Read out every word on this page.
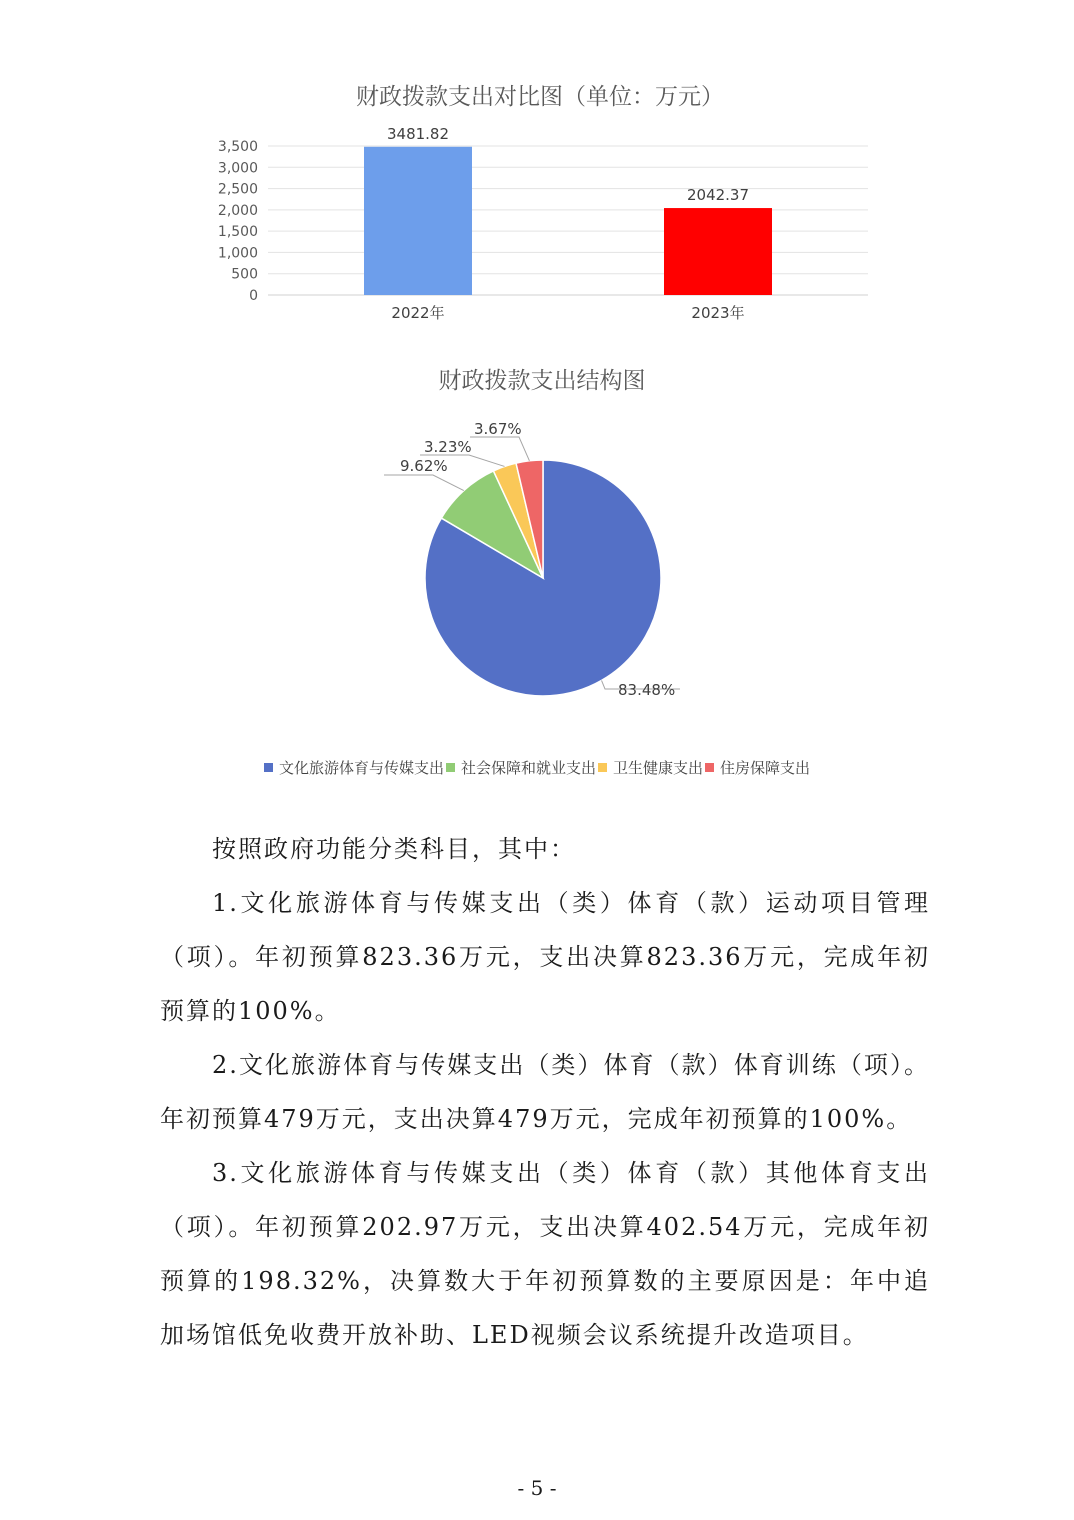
财政拨款支出对比图（单位：万元）
0
500
1,000
1,500
2,000
2,500
3,000
3,500
3481.82
2022年
2042.37
2023年
财政拨款支出结构图
83.48%
9.62%
3.23%
3.67%
文化旅游体育与传媒支出 社会保障和就业支出 卫生健康支出 住房保障支出

按照政府功能分类科目，其中：

1.文化旅游体育与传媒支出（类）体育（款）运动项目管理（项）。年初预算823.36万元，支出决算823.36万元，完成年初预算的100%。

2.文化旅游体育与传媒支出（类）体育（款）体育训练（项）。年初预算479万元，支出决算479万元，完成年初预算的100%。

3.文化旅游体育与传媒支出（类）体育（款）其他体育支出（项）。年初预算202.97万元，支出决算402.54万元，完成年初预算的198.32%，决算数大于年初预算数的主要原因是：年中追加场馆低免收费开放补助、LED视频会议系统提升改造项目。

- 5 -
